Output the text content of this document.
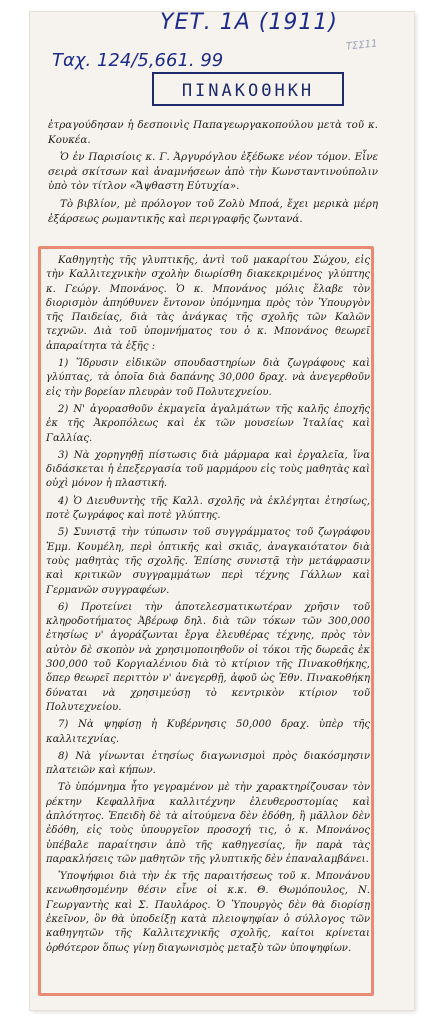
ΥΕΤ. 1Α (1911)
Ταχ. 124/5,661. 99
ΤΣΣ11
ΠΙΝΑΚΟΘΗΚΗ

ἐτραγούδησαν ἡ δεσποινὶς Παπαγεωργακοπούλου μετὰ τοῦ κ. Κουκέα.

Ὁ ἐν Παρισίοις κ. Γ. Ἀργυρόγλου ἐξέδωκε νέον τόμον. Εἶνε σειρὰ σκίτσων καὶ ἀναμνήσεων ἀπὸ τὴν Κωνσταντινούπολιν ὑπὸ τὸν τίτλον «Ἄψθαστη Εὐτυχία».

Τὸ βιβλίον, μὲ πρόλογον τοῦ Ζολὺ Μποά, ἔχει μερικὰ μέρη ἐξάρσεως ρωμαντικῆς καὶ περιγραφῆς ζωντανά.

Καθηγητὴς τῆς γλυπτικῆς, ἀντὶ τοῦ μακαρίτου Σώχου, εἰς τὴν Καλλιτεχνικὴν σχολὴν διωρίσθη διακεκριμένος γλύπτης κ. Γεώργ. Μπονάνος. Ὁ κ. Μπονάνος μόλις ἔλαβε τὸν διορισμὸν ἀπηύθυνεν ἔντονον ὑπόμνημα πρὸς τὸν Ὑπουργὸν τῆς Παιδείας, διὰ τὰς ἀνάγκας τῆς σχολῆς τῶν Καλῶν τεχνῶν. Διὰ τοῦ ὑπομνήματος του ὁ κ. Μπονάνος θεωρεῖ ἀπαραίτητα τὰ ἑξῆς :

1) Ἵδρυσιν εἰδικῶν σπουδαστηρίων διὰ ζωγράφους καὶ γλύπτας, τὰ ὁποῖα διὰ δαπάνης 30,000 δραχ. νὰ ἀνεγερθοῦν εἰς τὴν βορείαν πλευρὰν τοῦ Πολυτεχνείου.

2) Ν' ἀγορασθοῦν ἐκμαγεῖα ἀγαλμάτων τῆς καλῆς ἐποχῆς ἐκ τῆς Ἀκροπόλεως καὶ ἐκ τῶν μουσείων Ἰταλίας καὶ Γαλλίας.

3) Νὰ χορηγηθῇ πίστωσις διὰ μάρμαρα καὶ ἐργαλεῖα, ἵνα διδάσκεται ἡ ἐπεξεργασία τοῦ μαρμάρου εἰς τοὺς μαθητὰς καὶ οὐχὶ μόνον ἡ πλαστική.

4) Ὁ Διευθυντὴς τῆς Καλλ. σχολῆς νὰ ἐκλέγηται ἐτησίως, ποτὲ ζωγράφος καὶ ποτὲ γλύπτης.

5) Συνιστᾷ τὴν τύπωσιν τοῦ συγγράμματος τοῦ ζωγράφου Ἐμμ. Κουμέλη, περὶ ὀπτικῆς καὶ σκιᾶς, ἀναγκαιότατον διὰ τοὺς μαθητὰς τῆς σχολῆς. Ἐπίσης συνιστᾷ τὴν μετάφρασιν καὶ κριτικῶν συγγραμμάτων περὶ τέχνης Γάλλων καὶ Γερμανῶν συγγραφέων.

6) Προτείνει τὴν ἀποτελεσματικωτέραν χρῆσιν τοῦ κληροδοτήματος Ἀβέρωφ δηλ. διὰ τῶν τόκων τῶν 300,000 ἐτησίως ν' ἀγοράζωνται ἔργα ἐλευθέρας τέχνης, πρὸς τὸν αὐτὸν δὲ σκοπὸν νὰ χρησιμοποιηθοῦν οἱ τόκοι τῆς δωρεᾶς ἐκ 300,000 τοῦ Κοργιαλένιου διὰ τὸ κτίριον τῆς Πινακοθήκης, ὅπερ θεωρεῖ περιττὸν ν' ἀνεγερθῇ, ἀφοῦ ὡς Ἐθν. Πινακοθήκη δύναται νὰ χρησιμεύσῃ τὸ κεντρικὸν κτίριον τοῦ Πολυτεχνείου.

7) Νὰ ψηφίσῃ ἡ Κυβέρνησις 50,000 δραχ. ὑπὲρ τῆς καλλιτεχνίας.

8) Νὰ γίνωνται ἐτησίως διαγωνισμοὶ πρὸς διακόσμησιν πλατειῶν καὶ κήπων.

Τὸ ὑπόμνημα ἦτο γεγραμένον μὲ τὴν χαρακτηρίζουσαν τὸν ρέκτην Κεφαλλῆνα καλλιτέχνην ἐλευθεροστομίας καὶ ἀπλότητος. Ἐπειδὴ δὲ τὰ αἰτούμενα δὲν ἐδόθη, ἢ μᾶλλον δὲν ἐδόθη, εἰς τοὺς ὑπουργεῖον προσοχή τις, ὁ κ. Μπονάνος ὑπέβαλε παραίτησιν ἀπὸ τῆς καθηγεσίας, ἣν παρὰ τὰς παρακλήσεις τῶν μαθητῶν τῆς γλυπτικῆς δὲν ἐπαναλαμβάνει.

Ὑποψήφιοι διὰ τὴν ἐκ τῆς παραιτήσεως τοῦ κ. Μπονάνου κενωθησομένην θέσιν εἶνε οἱ κ.κ. Θ. Θωμόπουλος, Ν. Γεωργαντὴς καὶ Σ. Παυλάρος. Ὁ Ὑπουργὸς δὲν θὰ διορίσῃ ἐκεῖνον, ὃν θὰ ὑποδείξῃ κατὰ πλειοψηφίαν ὁ σύλλογος τῶν καθηγητῶν τῆς Καλλιτεχνικῆς σχολῆς, καίτοι κρίνεται ὀρθότερον ὅπως γίνῃ διαγωνισμὸς μεταξὺ τῶν ὑποψηφίων.
